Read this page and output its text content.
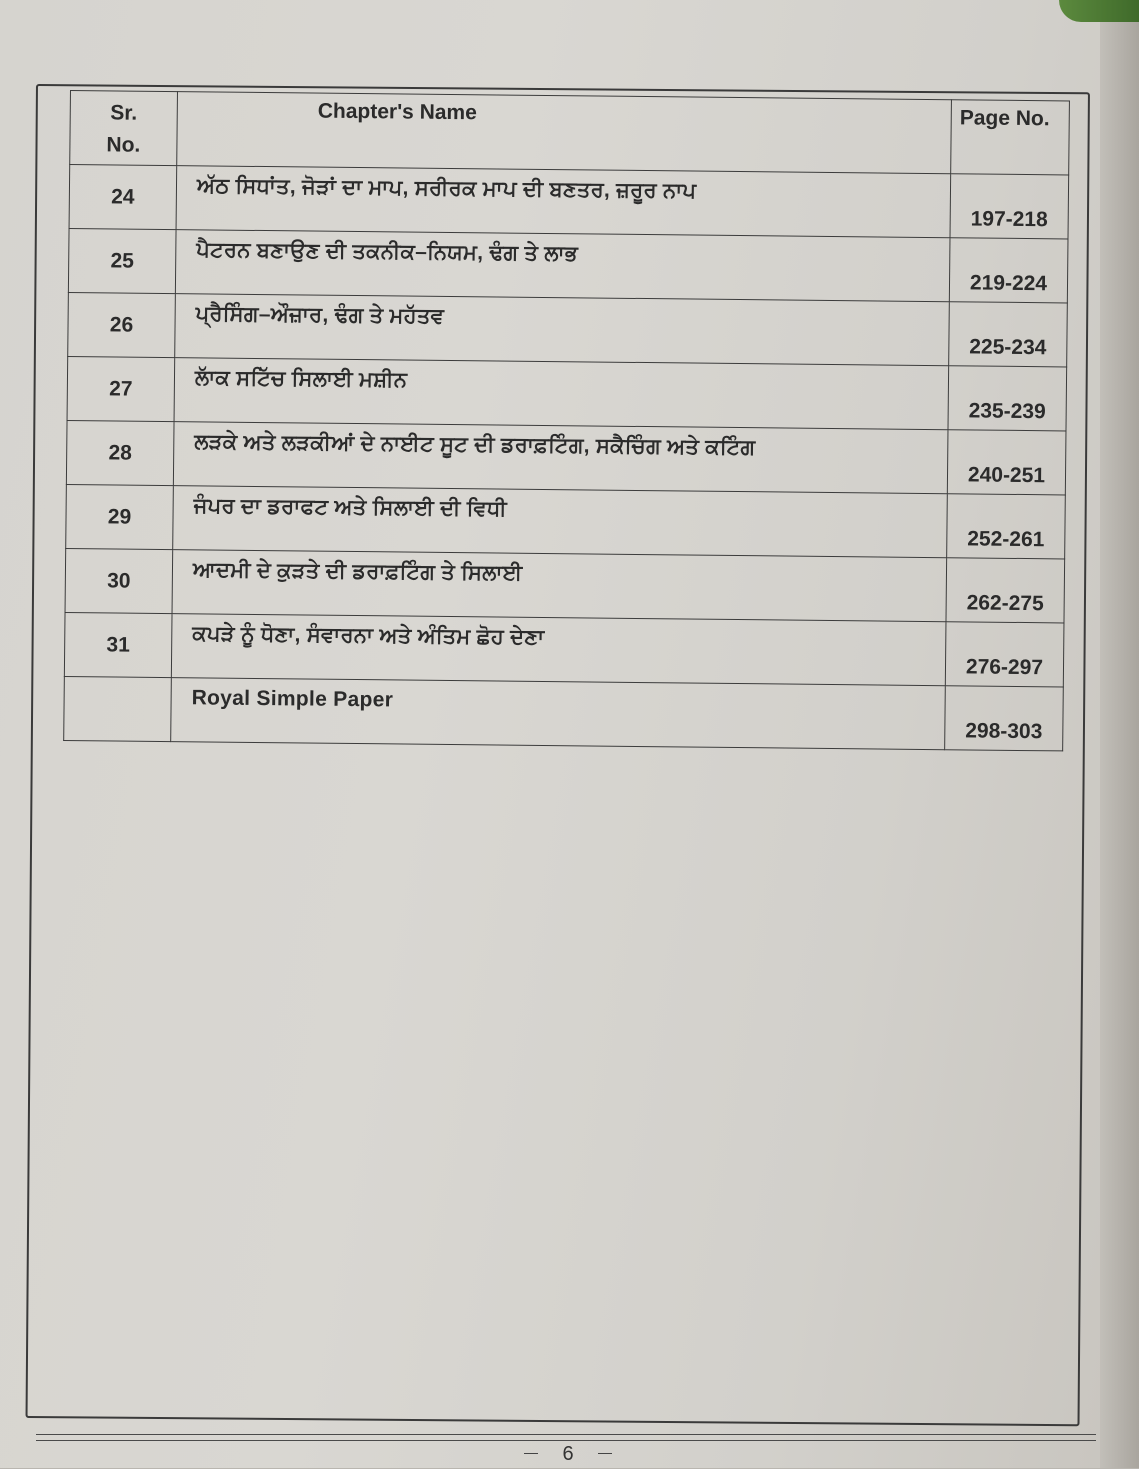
Sr.
No.	Chapter's Name	Page No.
24	ਅੱਠ ਸਿਧਾਂਤ, ਜੋੜਾਂ ਦਾ ਮਾਪ, ਸਰੀਰਕ ਮਾਪ ਦੀ ਬਣਤਰ, ਜ਼ਰੂਰ ਨਾਪ	197-218
25	ਪੈਟਰਨ ਬਣਾਉਣ ਦੀ ਤਕਨੀਕ–ਨਿਯਮ, ਢੰਗ ਤੇ ਲਾਭ	219-224
26	ਪ੍ਰੈਸਿੰਗ–ਔਜ਼ਾਰ, ਢੰਗ ਤੇ ਮਹੱਤਵ	225-234
27	ਲਾੱਕ ਸਟਿੱਚ ਸਿਲਾਈ ਮਸ਼ੀਨ	235-239
28	ਲੜਕੇ ਅਤੇ ਲੜਕੀਆਂ ਦੇ ਨਾਈਟ ਸੂਟ ਦੀ ਡਰਾਫ਼ਟਿੰਗ, ਸਕੈਚਿੰਗ ਅਤੇ ਕਟਿੰਗ	240-251
29	ਜੰਪਰ ਦਾ ਡਰਾਫਟ ਅਤੇ ਸਿਲਾਈ ਦੀ ਵਿਧੀ	252-261
30	ਆਦਮੀ ਦੇ ਕੁੜਤੇ ਦੀ ਡਰਾਫ਼ਟਿੰਗ ਤੇ ਸਿਲਾਈ	262-275
31	ਕਪੜੇ ਨੂੰ ਧੋਣਾ, ਸੰਵਾਰਨਾ ਅਤੇ ਅੰਤਿਮ ਛੋਹ ਦੇਣਾ	276-297
	Royal Simple Paper	298-303
6
